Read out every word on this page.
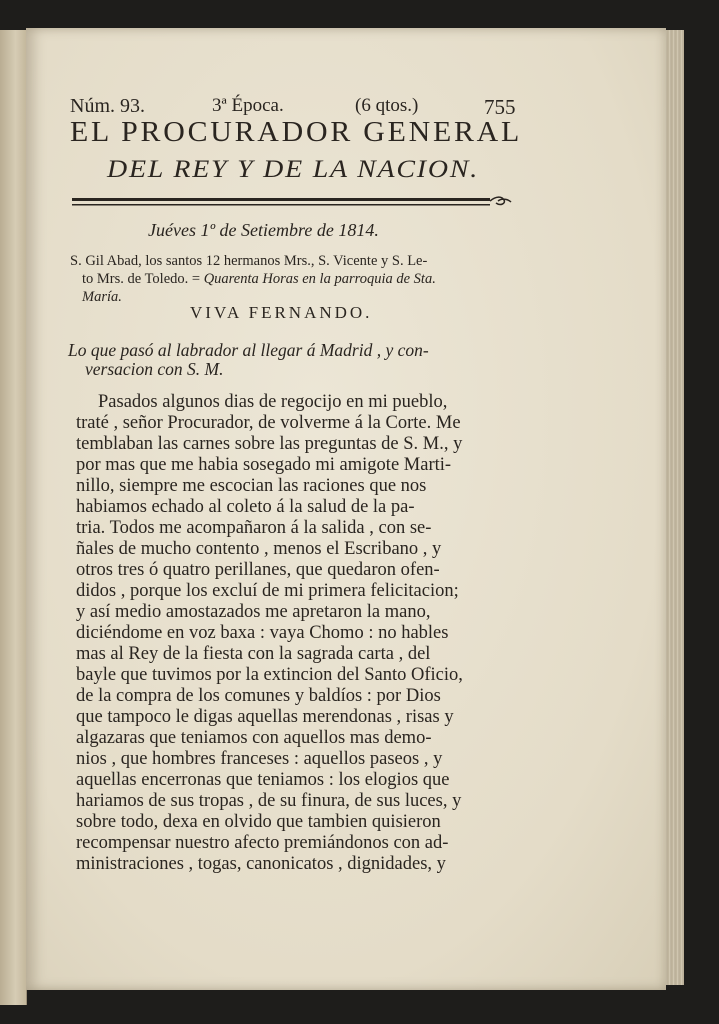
Núm. 93.	3ª Época.	(6 qtos.)	755
EL PROCURADOR GENERAL
DEL REY Y DE LA NACION.
Juéves 1º de Setiembre de 1814.
S. Gil Abad, los santos 12 hermanos Mrs., S. Vicente y S. Le-
to Mrs. de Toledo. = Quarenta Horas en la parroquia de Sta.
María.
VIVA FERNANDO.
Lo que pasó al labrador al llegar á Madrid , y con-
versacion con S. M.
Pasados algunos dias de regocijo en mi pueblo,
traté , señor Procurador, de volverme á la Corte. Me
temblaban las carnes sobre las preguntas de S. M., y
por mas que me habia sosegado mi amigote Marti-
nillo, siempre me escocian las raciones que nos
habiamos echado al coleto á la salud de la pa-
tria. Todos me acompañaron á la salida , con se-
ñales de mucho contento , menos el Escribano , y
otros tres ó quatro perillanes, que quedaron ofen-
didos , porque los excluí de mi primera felicitacion;
y así medio amostazados me apretaron la mano,
diciéndome en voz baxa : vaya Chomo : no hables
mas al Rey de la fiesta con la sagrada carta , del
bayle que tuvimos por la extincion del Santo Oficio,
de la compra de los comunes y baldíos : por Dios
que tampoco le digas aquellas merendonas , risas y
algazaras que teniamos con aquellos mas demo-
nios , que hombres franceses : aquellos paseos , y
aquellas encerronas que teniamos : los elogios que
hariamos de sus tropas , de su finura, de sus luces, y
sobre todo, dexa en olvido que tambien quisieron
recompensar nuestro afecto premiándonos con ad-
ministraciones , togas, canonicatos , dignidades, y
